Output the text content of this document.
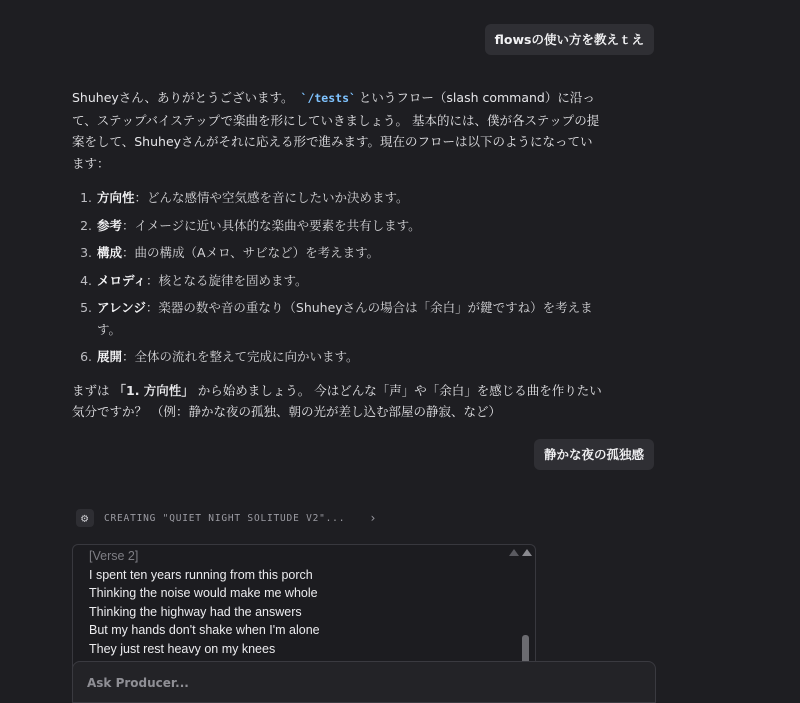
flowsの使い方を教えｔえ

Shuheyさん、ありがとうございます。 `/tests` というフロー（slash command）に沿って、ステップバイステップで楽曲を形にしていきましょう。 基本的には、僕が各ステップの提案をして、Shuheyさんがそれに応える形で進みます。現在のフローは以下のようになっています：

1. 方向性：どんな感情や空気感を音にしたいか決めます。
2. 参考：イメージに近い具体的な楽曲や要素を共有します。
3. 構成：曲の構成（Aメロ、サビなど）を考えます。
4. メロディ：核となる旋律を固めます。
5. アレンジ：楽器の数や音の重なり（Shuheyさんの場合は「余白」が鍵ですね）を考えます。
6. 展開：全体の流れを整えて完成に向かいます。

まずは 「1. 方向性」 から始めましょう。 今はどんな「声」や「余白」を感じる曲を作りたい気分ですか？ （例：静かな夜の孤独、朝の光が差し込む部屋の静寂、など）

静かな夜の孤独感
⚙	CREATING "QUIET NIGHT SOLITUDE V2"... ›
[Verse 2]
I spent ten years running from this porch
Thinking the noise would make me whole
Thinking the highway had the answers
But my hands don't shake when I'm alone
They just rest heavy on my knees
Ask Producer...
